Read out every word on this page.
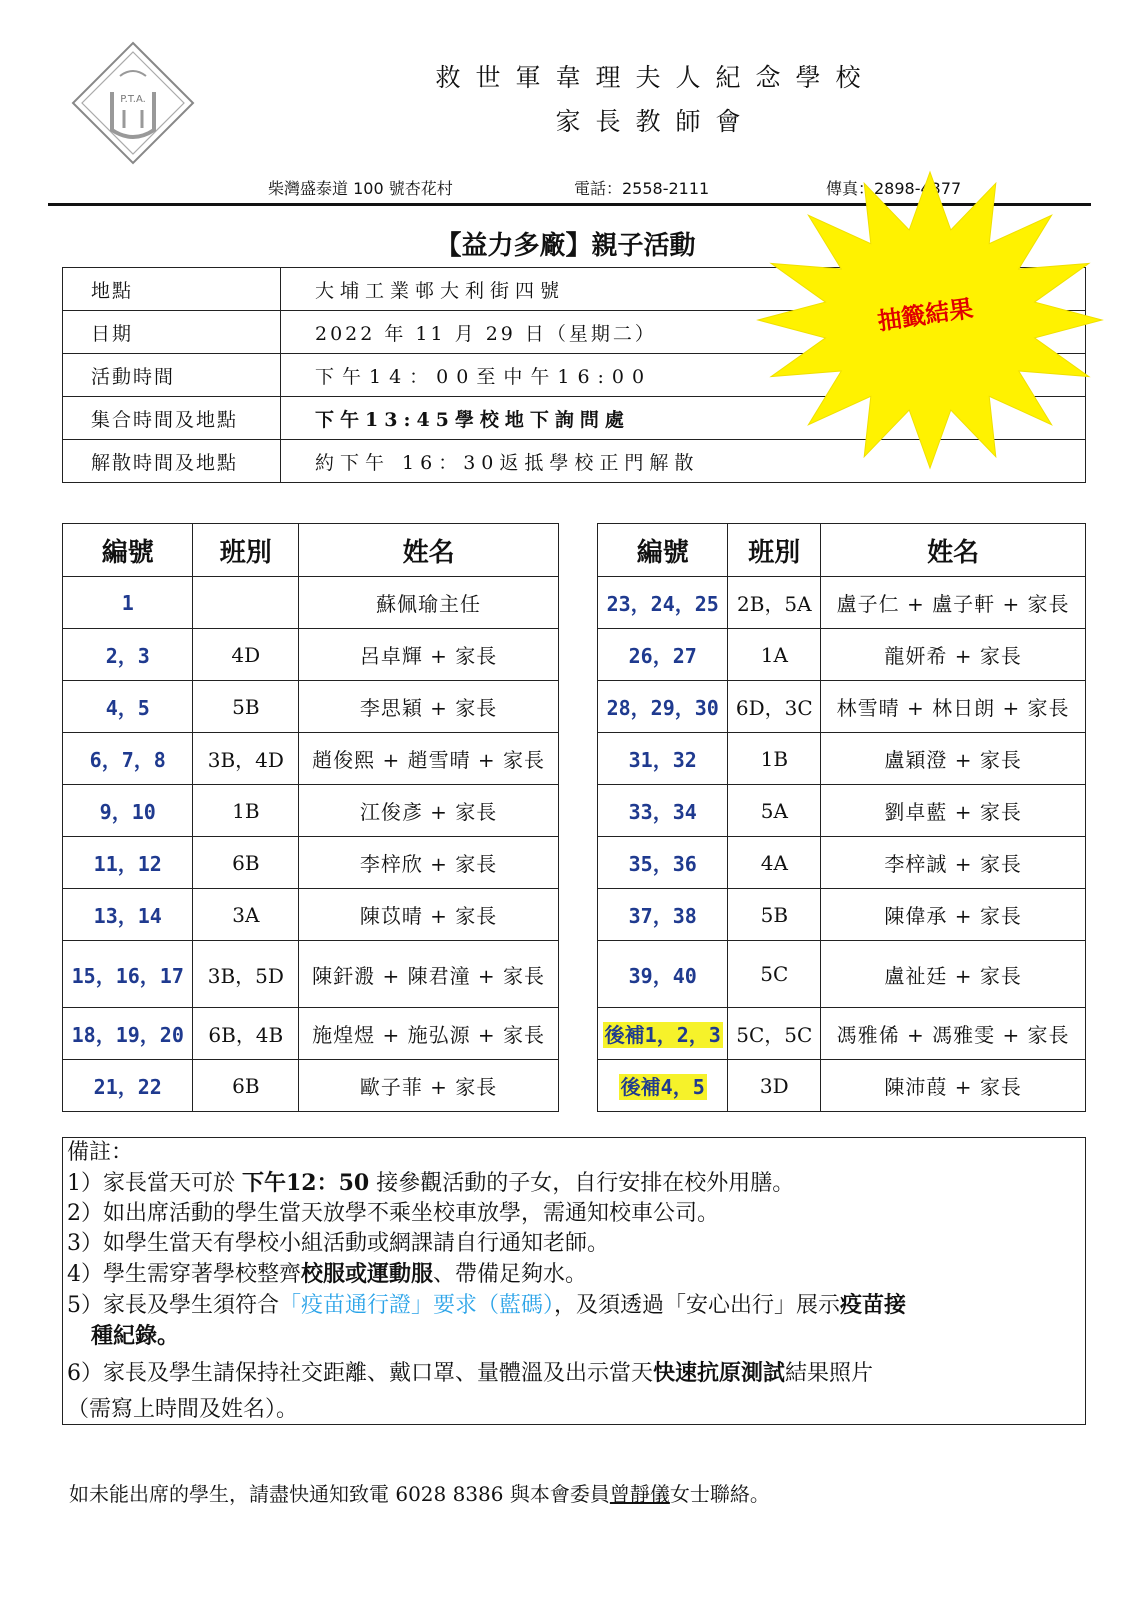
P.T.A.
救世軍韋理夫人紀念學校
家長教師會
柴灣盛泰道 100 號杏花村	電話：2558-2111	傳真：2898-4377
【益力多廠】親子活動
地點	大埔工業邨大利街四號
日期	2022 年 11 月 29 日（星期二）
活動時間	下午14：00至中午16:00
集合時間及地點	下午13:45學校地下詢問處
解散時間及地點	約下午 16：30返抵學校正門解散
抽籤結果
編號	班別	姓名
1		蘇佩瑜主任
2，3	4D	呂卓輝 + 家長
4，5	5B	李思穎 + 家長
6，7，8	3B，4D	趙俊熙 + 趙雪晴 + 家長
9，10	1B	江俊彥 + 家長
11，12	6B	李梓欣 + 家長
13，14	3A	陳苡晴 + 家長
15，16，17	3B，5D	陳釬溵 + 陳君潼 + 家長
18，19，20	6B，4B	施煌煜 + 施弘源 + 家長
21，22	6B	歐子菲 + 家長
編號	班別	姓名
23，24，25	2B，5A	盧子仁 + 盧子軒 + 家長
26，27	1A	龍妍希 + 家長
28，29，30	6D，3C	林雪晴 + 林日朗 + 家長
31，32	1B	盧穎澄 + 家長
33，34	5A	劉卓藍 + 家長
35，36	4A	李梓誠 + 家長
37，38	5B	陳偉承 + 家長
39，40	5C	盧祉廷 + 家長
後補1，2，3	5C，5C	馮雅俙 + 馮雅雯 + 家長
後補4，5	3D	陳沛葭 + 家長

備註：

1）家長當天可於 下午12：50 接參觀活動的子女，自行安排在校外用膳。

2）如出席活動的學生當天放學不乘坐校車放學，需通知校車公司。

3）如學生當天有學校小組活動或網課請自行通知老師。

4）學生需穿著學校整齊校服或運動服、帶備足夠水。

5）家長及學生須符合「疫苗通行證」要求（藍碼），及須透過「安心出行」展示疫苗接

種紀錄。

6）家長及學生請保持社交距離、戴口罩、量體溫及出示當天快速抗原測試結果照片

（需寫上時間及姓名）。

如未能出席的學生，請盡快通知致電 6028 8386 與本會委員曾靜儀女士聯絡。
